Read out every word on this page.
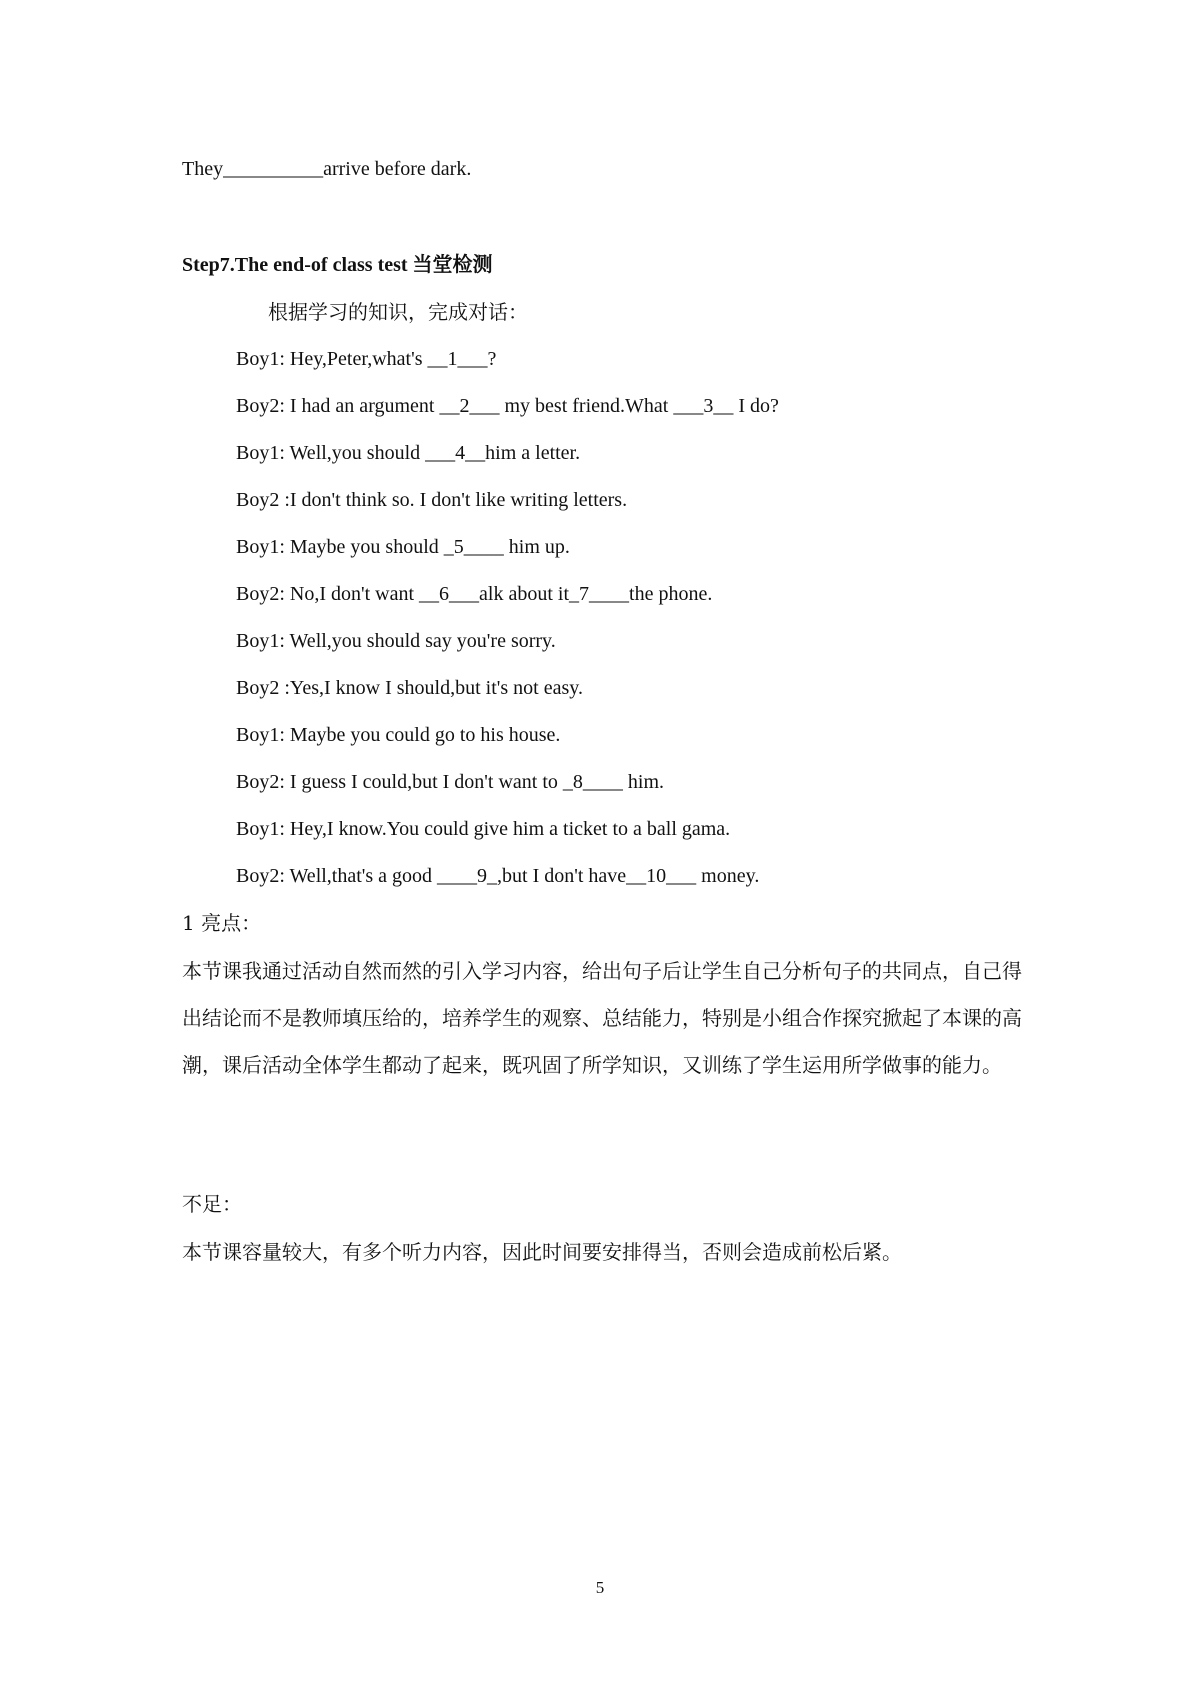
They__________arrive before dark.
Step7.The end-of class test 当堂检测
根据学习的知识，完成对话：
Boy1: Hey,Peter,what's __1___?
Boy2: I had an argument __2___ my best friend.What ___3__ I do?
Boy1: Well,you should ___4__him a letter.
Boy2 :I don't think so. I don't like writing letters.
Boy1: Maybe you should _5____ him up.
Boy2: No,I don't want __6___alk about it_7____the phone.
Boy1: Well,you should say you're sorry.
Boy2 :Yes,I know I should,but it's not easy.
Boy1: Maybe you could go to his house.
Boy2: I guess I could,but I don't want to _8____ him.
Boy1: Hey,I know.You could give him a ticket to a ball gama.
Boy2: Well,that's a good ____9_,but I don't have__10___ money.
1 亮点：
本节课我通过活动自然而然的引入学习内容，给出句子后让学生自己分析句子的共同点，自己得出结论而不是教师填压给的，培养学生的观察、总结能力，特别是小组合作探究掀起了本课的高潮，课后活动全体学生都动了起来，既巩固了所学知识，又训练了学生运用所学做事的能力。
不足：
本节课容量较大，有多个听力内容，因此时间要安排得当，否则会造成前松后紧。
5
